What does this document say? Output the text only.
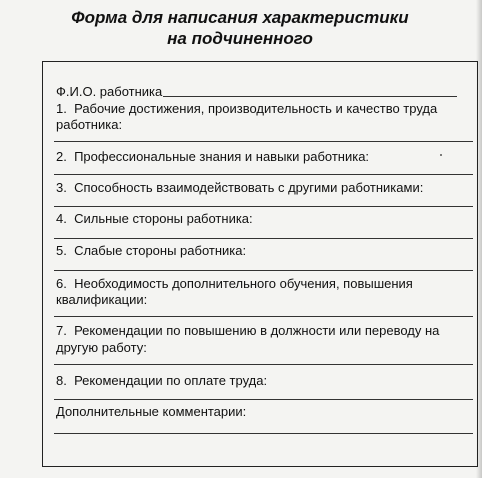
Форма для написания характеристики
на подчиненного
Ф.И.О. работника
1. Рабочие достижения, производительность и качество труда
работника:
2. Профессиональные знания и навыки работника:
3. Способность взаимодействовать с другими работниками:
4. Сильные стороны работника:
5. Слабые стороны работника:
6. Необходимость дополнительного обучения, повышения
квалификации:
7. Рекомендации по повышению в должности или переводу на
другую работу:
8. Рекомендации по оплате труда:
Дополнительные комментарии:
